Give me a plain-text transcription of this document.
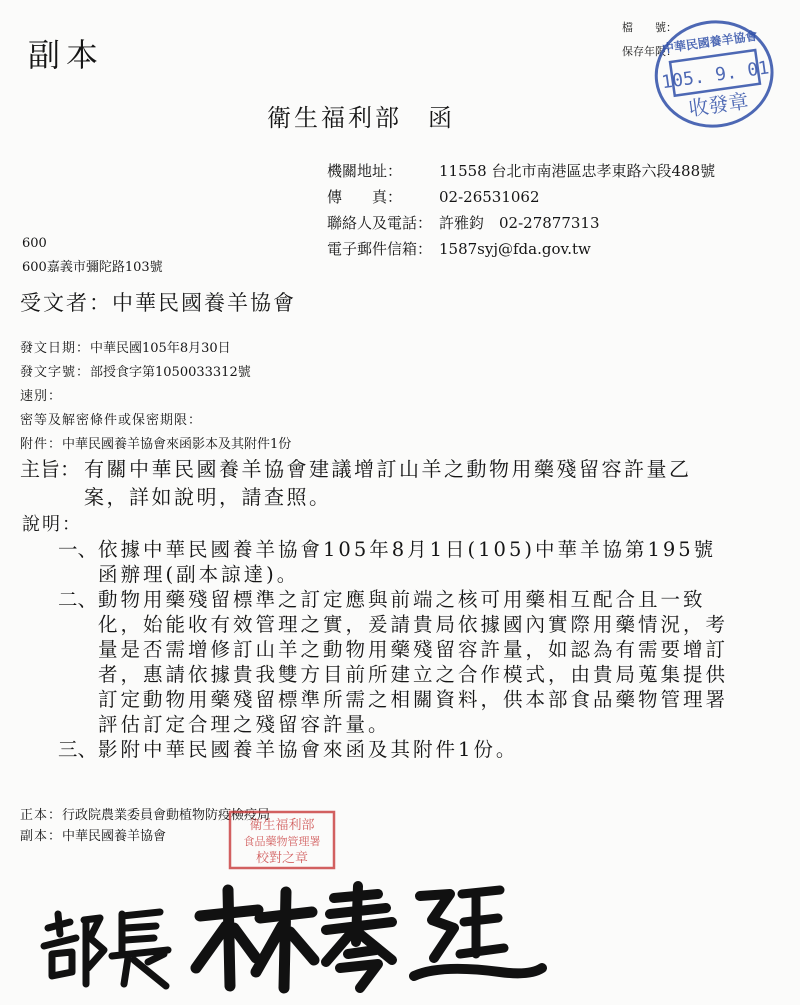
副本
檔　　號：
保存年限：
中華民國養羊協會
105. 9. 01
收發章
衛生福利部 函
機關地址： 11558 台北市南港區忠孝東路六段488號
傳　　真： 02-26531062
聯絡人及電話： 許雅鈞　02-27877313
電子郵件信箱： 1587syj@fda.gov.tw
600
600嘉義市彌陀路103號
受文者：中華民國養羊協會
發文日期：中華民國105年8月30日
發文字號：部授食字第1050033312號
速別：
密等及解密條件或保密期限：
附件：中華民國養羊協會來函影本及其附件1份
主旨： 有關中華民國養羊協會建議增訂山羊之動物用藥殘留容許量乙案，詳如說明，請查照。
說明：
一、 依據中華民國養羊協會105年8月1日(105)中華羊協第195號函辦理(副本諒達)。
二、 動物用藥殘留標準之訂定應與前端之核可用藥相互配合且一致化，始能收有效管理之實，爰請貴局依據國內實際用藥情況，考量是否需增修訂山羊之動物用藥殘留容許量，如認為有需要增訂者，惠請依據貴我雙方目前所建立之合作模式，由貴局蒐集提供訂定動物用藥殘留標準所需之相關資料，供本部食品藥物管理署評估訂定合理之殘留容許量。
三、 影附中華民國養羊協會來函及其附件1份。
正本：行政院農業委員會動植物防疫檢疫局
副本：中華民國養羊協會
衛生福利部
食品藥物管理署
校對之章
